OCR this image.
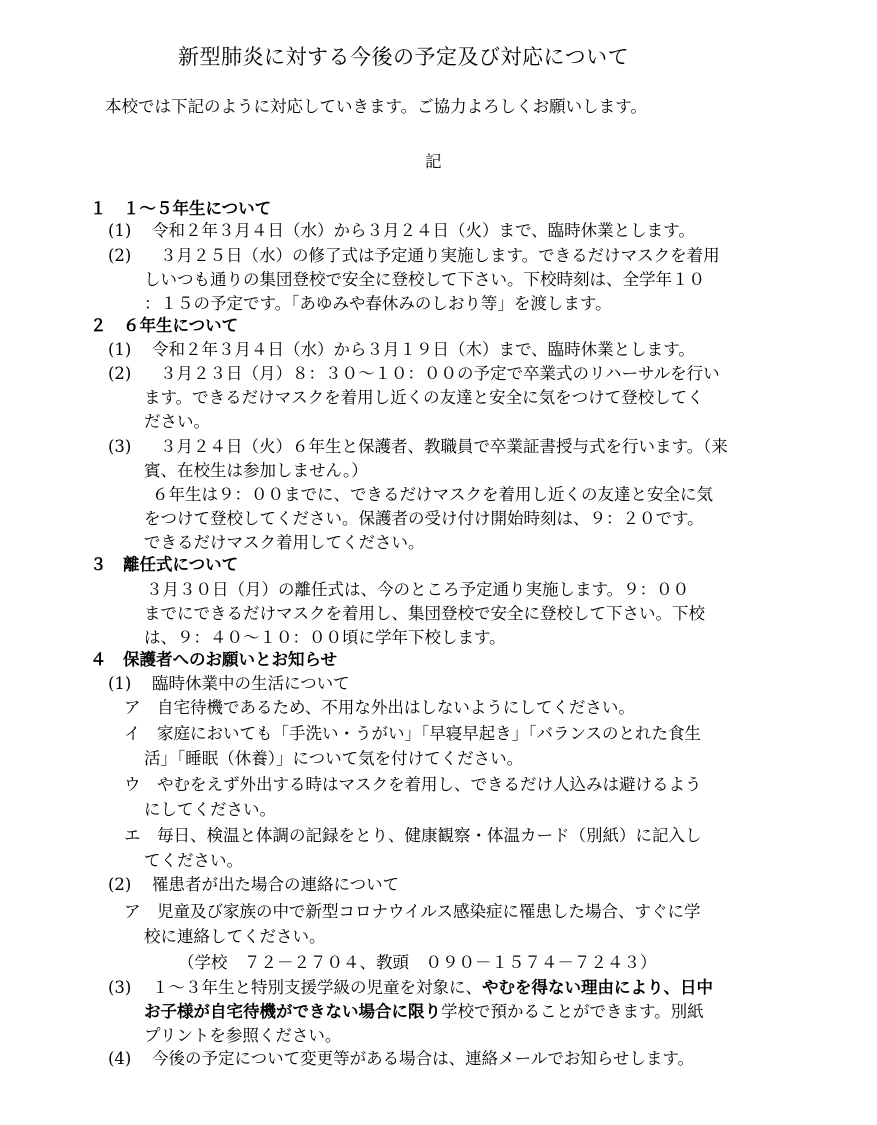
新型肺炎に対する今後の予定及び対応について
本校では下記のように対応していきます。ご協力よろしくお願いします。
記
１　１～５年生について
(1) 令和２年３月４日（水）から３月２４日（火）まで、臨時休業とします。
(2) ３月２５日（水）の修了式は予定通り実施します。できるだけマスクを着用
しいつも通りの集団登校で安全に登校して下さい。下校時刻は、全学年１０
：１５の予定です。「あゆみや春休みのしおり等」を渡します。
２　６年生について
(1) 令和２年３月４日（水）から３月１９日（木）まで、臨時休業とします。
(2) ３月２３日（月）８：３０～１０：００の予定で卒業式のリハーサルを行い
ます。できるだけマスクを着用し近くの友達と安全に気をつけて登校してく
ださい。
(3) ３月２４日（火）６年生と保護者、教職員で卒業証書授与式を行います。（来
賓、在校生は参加しません。）
６年生は９：００までに、できるだけマスクを着用し近くの友達と安全に気
をつけて登校してください。保護者の受け付け開始時刻は、９：２０です。
できるだけマスク着用してください。
３　離任式について
３月３０日（月）の離任式は、今のところ予定通り実施します。９：００
までにできるだけマスクを着用し、集団登校で安全に登校して下さい。下校
は、９：４０～１０：００頃に学年下校します。
４　保護者へのお願いとお知らせ
(1) 臨時休業中の生活について
ア　自宅待機であるため、不用な外出はしないようにしてください。
イ　家庭においても「手洗い・うがい」「早寝早起き」「バランスのとれた食生
活」「睡眠（休養）」について気を付けてください。
ウ　やむをえず外出する時はマスクを着用し、できるだけ人込みは避けるよう
にしてください。
エ　毎日、検温と体調の記録をとり、健康観察・体温カード（別紙）に記入し
てください。
(2) 罹患者が出た場合の連絡について
ア　児童及び家族の中で新型コロナウイルス感染症に罹患した場合、すぐに学
校に連絡してください。
（学校　７２－２７０４、教頭　０９０－１５７４－７２４３）
(3) １～３年生と特別支援学級の児童を対象に、やむを得ない理由により、日中
お子様が自宅待機ができない場合に限り学校で預かることができます。別紙
プリントを参照ください。
(4) 今後の予定について変更等がある場合は、連絡メールでお知らせします。
